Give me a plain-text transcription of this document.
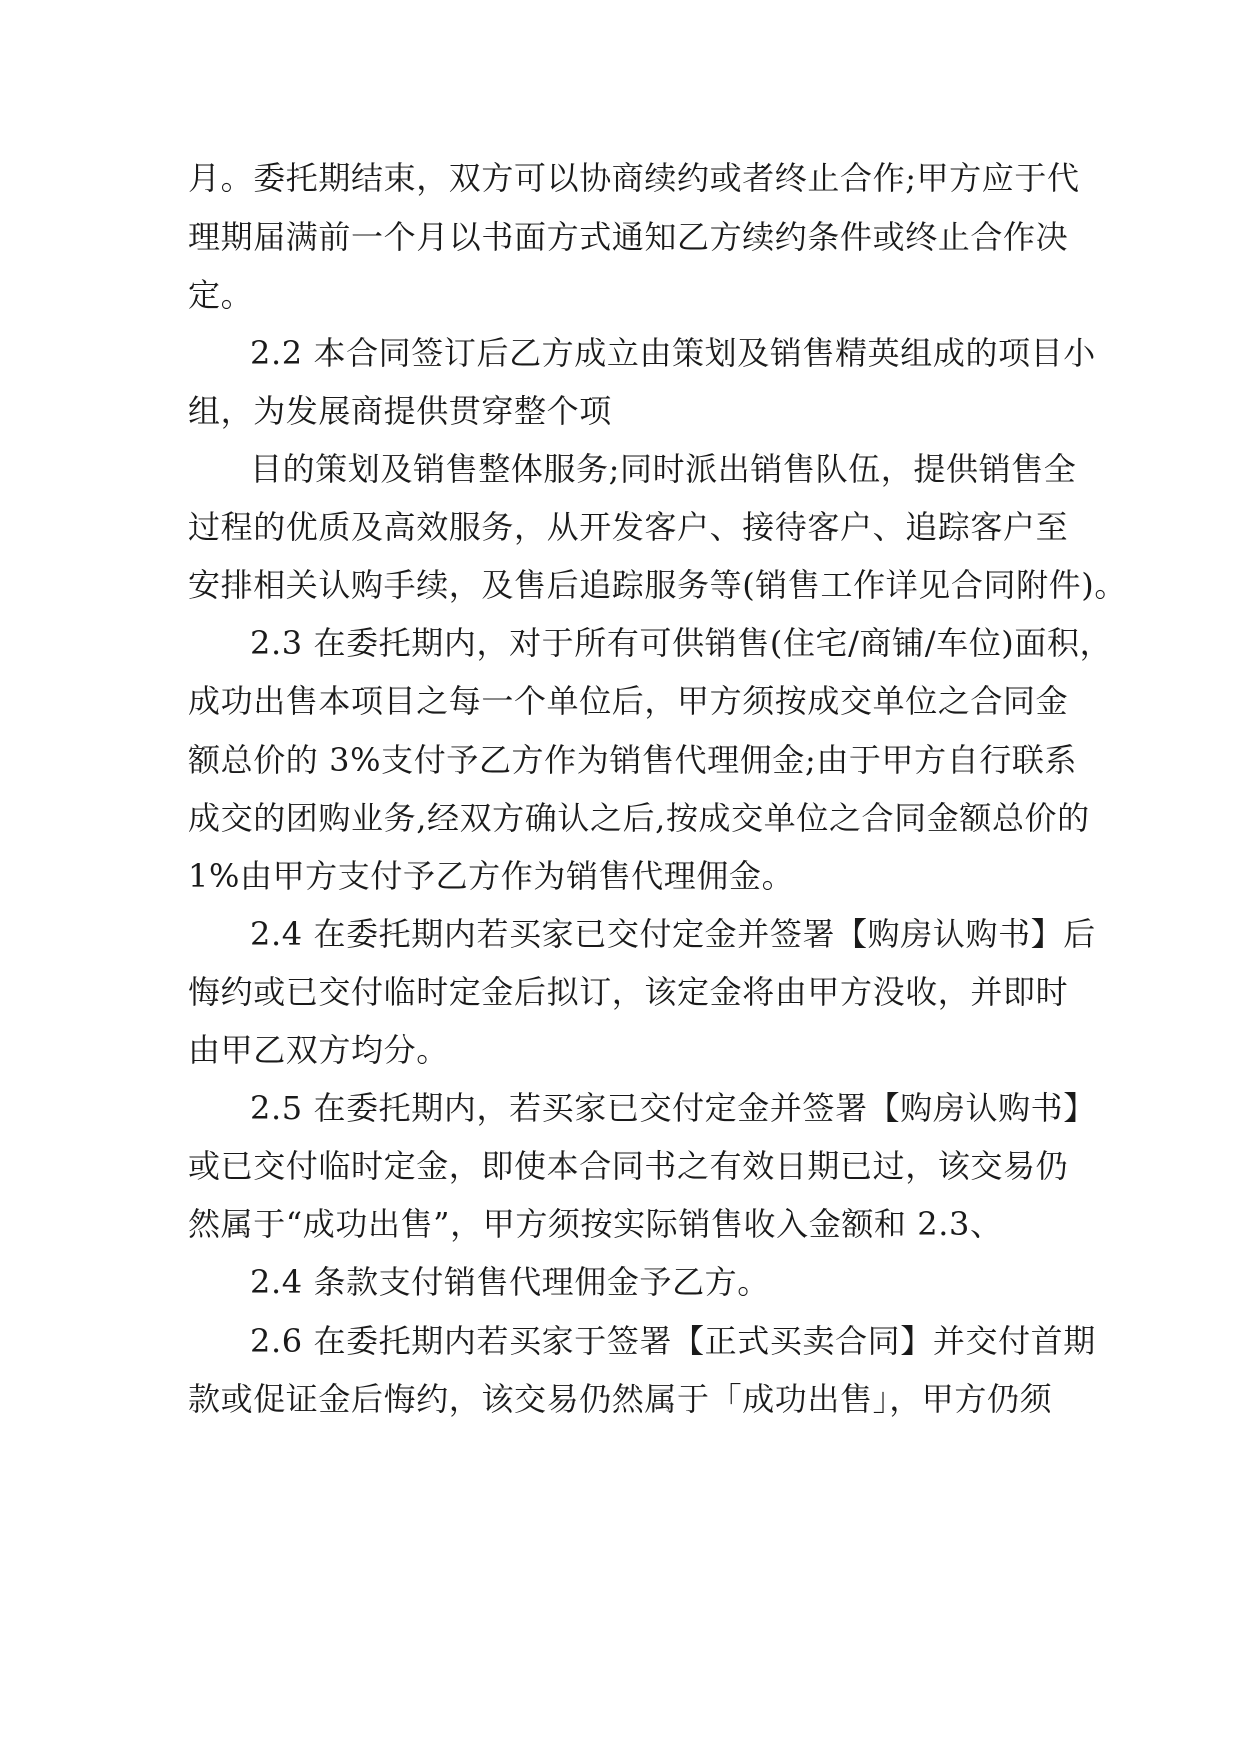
月。委托期结束，双方可以协商续约或者终止合作;甲方应于代
理期届满前一个月以书面方式通知乙方续约条件或终止合作决
定。
2.2 本合同签订后乙方成立由策划及销售精英组成的项目小
组，为发展商提供贯穿整个项
目的策划及销售整体服务;同时派出销售队伍，提供销售全
过程的优质及高效服务，从开发客户、接待客户、追踪客户至
安排相关认购手续，及售后追踪服务等(销售工作详见合同附件)。
2.3 在委托期内，对于所有可供销售(住宅/商铺/车位)面积，
成功出售本项目之每一个单位后，甲方须按成交单位之合同金
额总价的 3%支付予乙方作为销售代理佣金;由于甲方自行联系
成交的团购业务,经双方确认之后,按成交单位之合同金额总价的
1%由甲方支付予乙方作为销售代理佣金。
2.4 在委托期内若买家已交付定金并签署【购房认购书】后
悔约或已交付临时定金后拟订，该定金将由甲方没收，并即时
由甲乙双方均分。
2.5 在委托期内，若买家已交付定金并签署【购房认购书】
或已交付临时定金，即使本合同书之有效日期已过，该交易仍
然属于“成功出售”，甲方须按实际销售收入金额和 2.3、
2.4 条款支付销售代理佣金予乙方。
2.6 在委托期内若买家于签署【正式买卖合同】并交付首期
款或促证金后悔约，该交易仍然属于「成功出售」，甲方仍须
